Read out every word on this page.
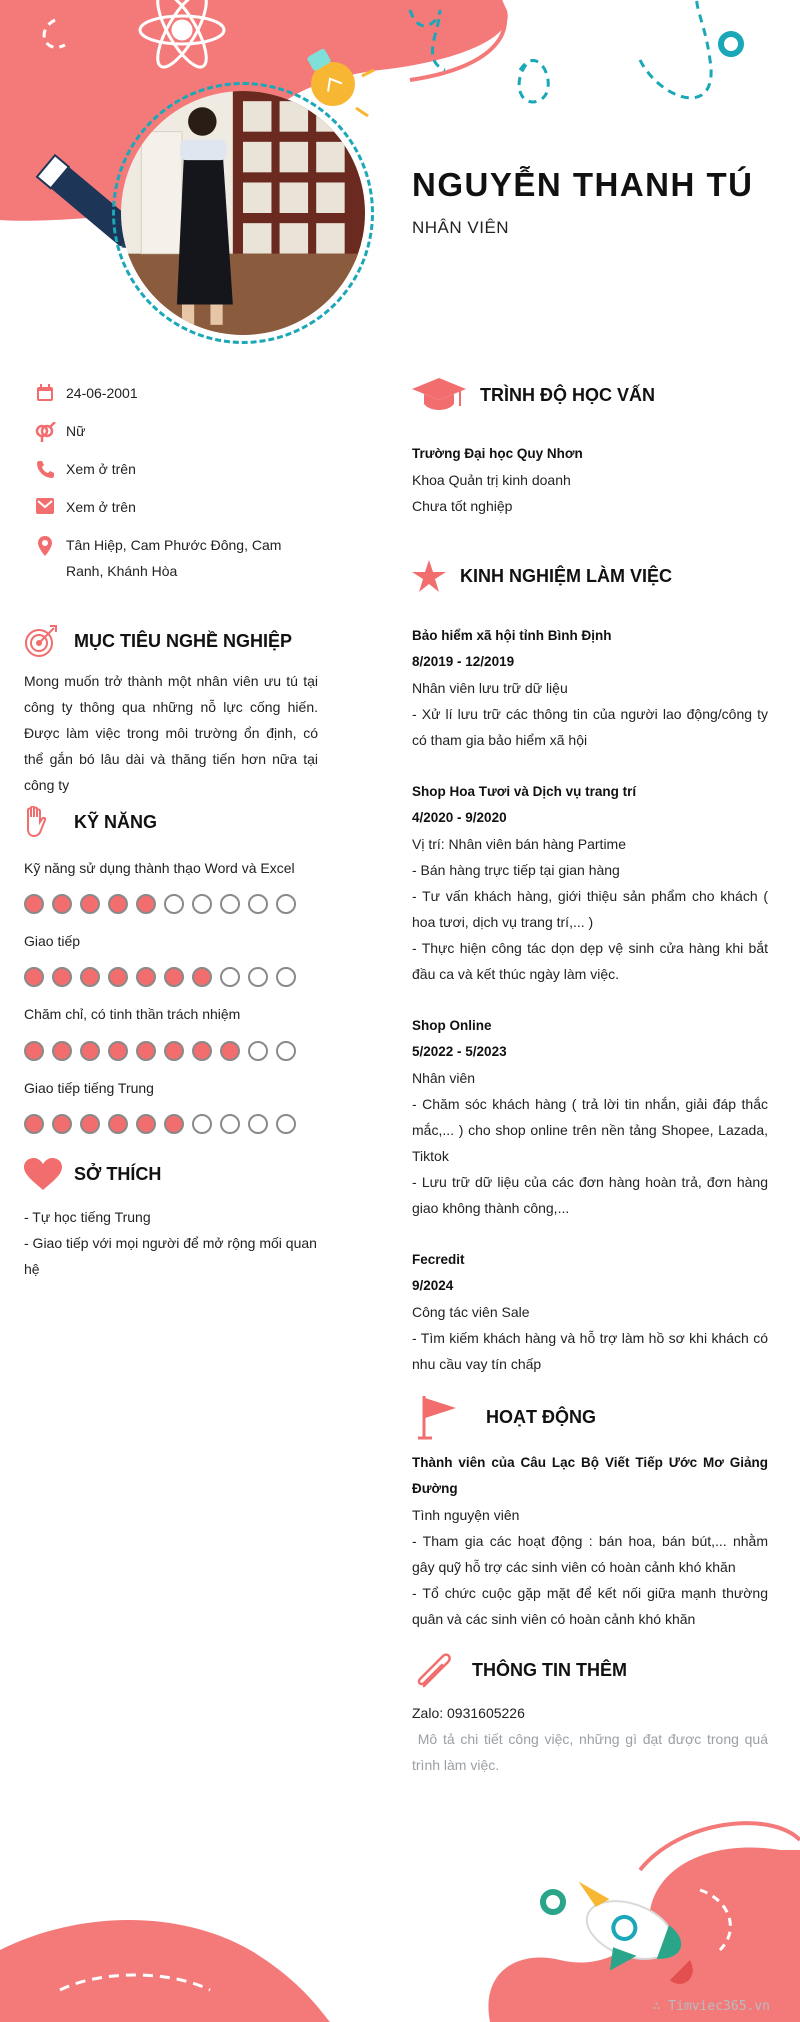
NGUYỄN THANH TÚ
NHÂN VIÊN
24-06-2001
Nữ
Xem ở trên
Xem ở trên
Tân Hiệp, Cam Phước Đông, Cam Ranh, Khánh Hòa
MỤC TIÊU NGHỀ NGHIỆP
Mong muốn trở thành một nhân viên ưu tú tại công ty thông qua những nỗ lực cống hiến. Được làm việc trong môi trường ổn định, có thể gắn bó lâu dài và thăng tiến hơn nữa tại công ty
KỸ NĂNG
Kỹ năng sử dụng thành thạo Word và Excel
Giao tiếp
Chăm chỉ, có tinh thần trách nhiệm
Giao tiếp tiếng Trung
SỞ THÍCH
- Tự học tiếng Trung
- Giao tiếp với mọi người để mở rộng mối quan hệ
TRÌNH ĐỘ HỌC VẤN
Trường Đại học Quy Nhơn
Khoa Quản trị kinh doanh
Chưa tốt nghiệp
KINH NGHIỆM LÀM VIỆC
Bảo hiểm xã hội tỉnh Bình Định
8/2019 - 12/2019
Nhân viên lưu trữ dữ liệu
- Xử lí lưu trữ các thông tin của người lao động/công ty có tham gia bảo hiểm xã hội
Shop Hoa Tươi và Dịch vụ trang trí
4/2020 - 9/2020
Vị trí: Nhân viên bán hàng Partime
- Bán hàng trực tiếp tại gian hàng
- Tư vấn khách hàng, giới thiệu sản phẩm cho khách ( hoa tươi, dịch vụ trang trí,... )
- Thực hiện công tác dọn dẹp vệ sinh cửa hàng khi bắt đầu ca và kết thúc ngày làm việc.
Shop Online
5/2022 - 5/2023
Nhân viên
- Chăm sóc khách hàng ( trả lời tin nhắn, giải đáp thắc mắc,... ) cho shop online trên nền tảng Shopee, Lazada, Tiktok
- Lưu trữ dữ liệu của các đơn hàng hoàn trả, đơn hàng giao không thành công,...
Fecredit
9/2024
Công tác viên Sale
- Tìm kiếm khách hàng và hỗ trợ làm hồ sơ khi khách có nhu cầu vay tín chấp
HOẠT ĐỘNG
Thành viên của Câu Lạc Bộ Viết Tiếp Ước Mơ Giảng Đường
Tình nguyện viên
- Tham gia các hoạt động : bán hoa, bán bút,... nhằm gây quỹ hỗ trợ các sinh viên có hoàn cảnh khó khăn
- Tổ chức cuộc gặp mặt để kết nối giữa mạnh thường quân và các sinh viên có hoàn cảnh khó khăn
THÔNG TIN THÊM
Zalo: 0931605226
Mô tả chi tiết công việc, những gì đạt được trong quá trình làm việc.
∴ Timviec365.vn
